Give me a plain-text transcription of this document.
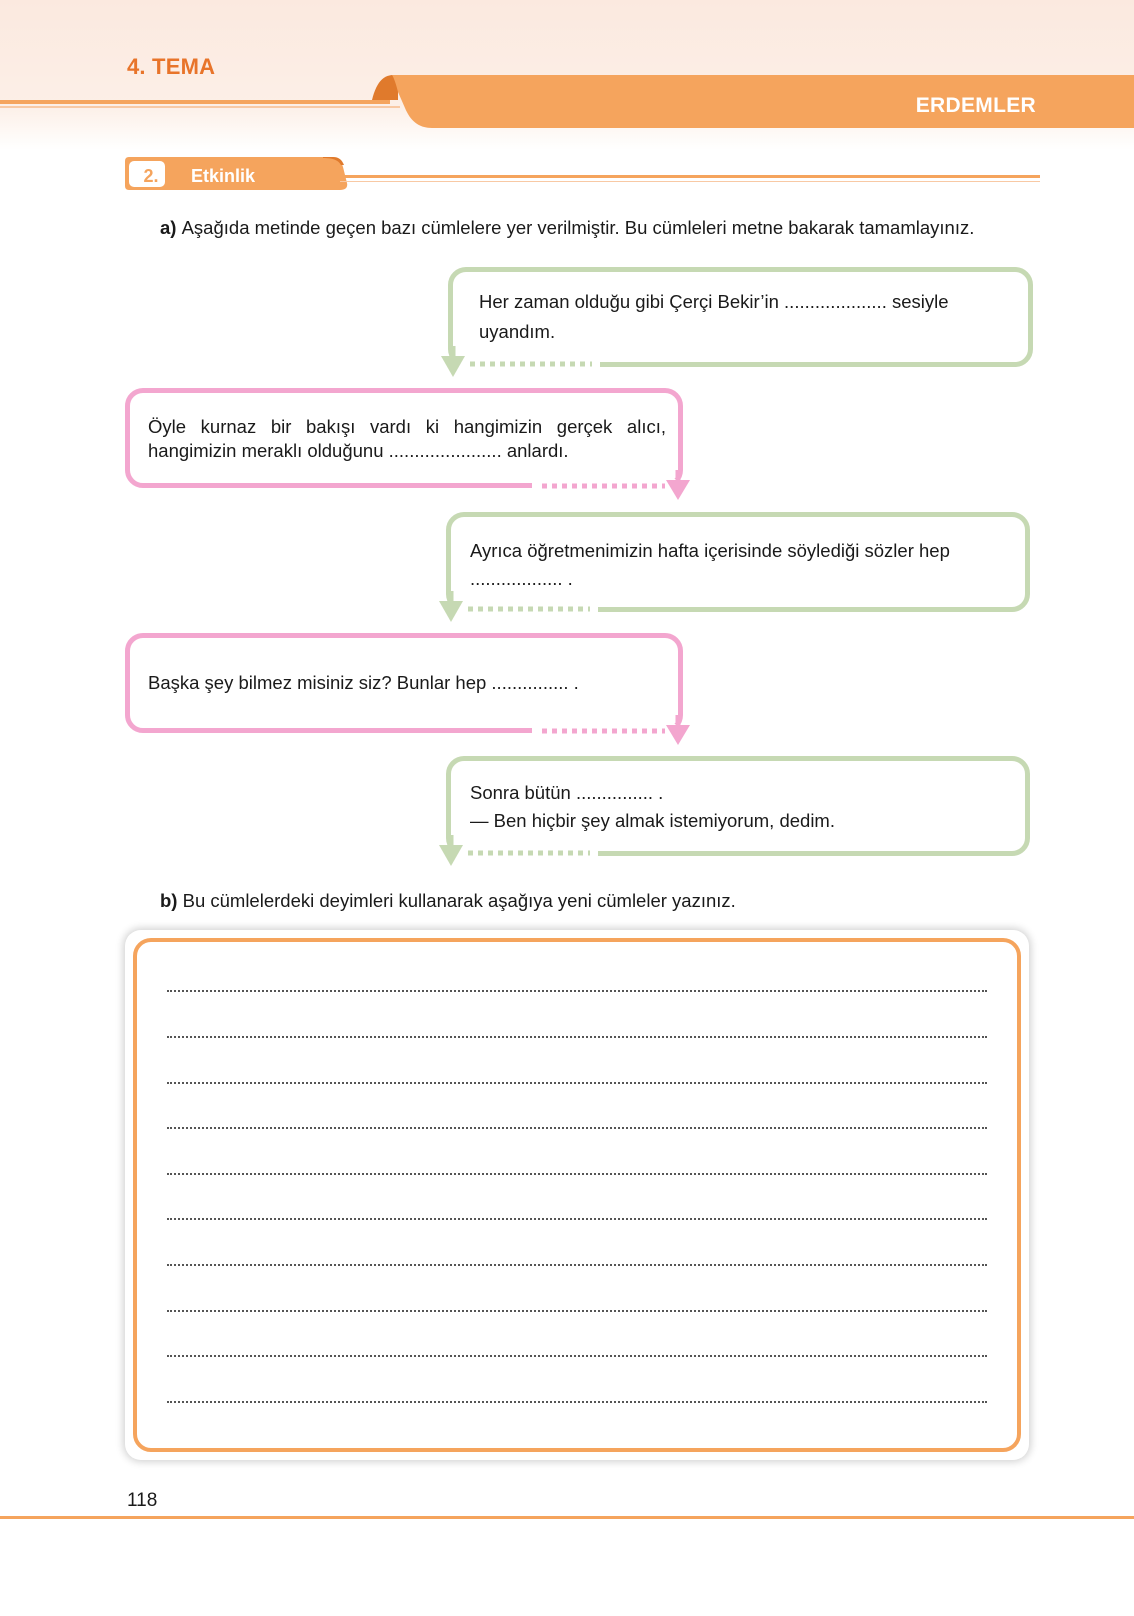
4. TEMA
ERDEMLER
2.	Etkinlik
a) Aşağıda metinde geçen bazı cümlelere yer verilmiştir. Bu cümleleri metne bakarak tamamlayınız.
Her zaman olduğu gibi Çerçi Bekir’in .................... sesiyle
uyandım.
Öyle kurnaz bir bakışı vardı ki hangimizin gerçek alıcı,
hangimizin meraklı olduğunu ...................... anlardı.
Ayrıca öğretmenimizin hafta içerisinde söylediği sözler hep
.................. .
Başka şey bilmez misiniz siz? Bunlar hep ............... .
Sonra bütün ............... .
— Ben hiçbir şey almak istemiyorum, dedim.
b) Bu cümlelerdeki deyimleri kullanarak aşağıya yeni cümleler yazınız.
118
